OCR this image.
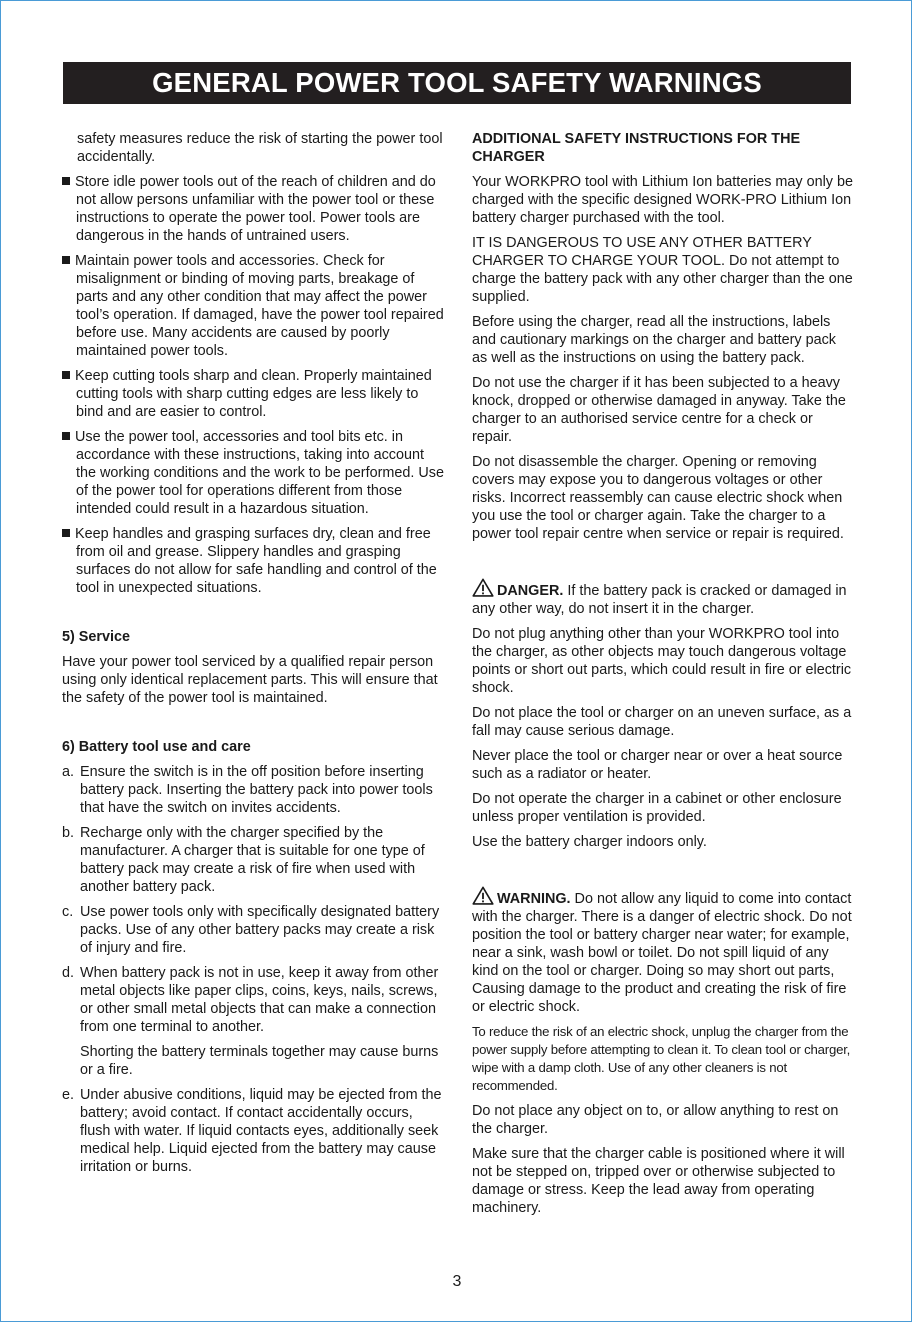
GENERAL POWER TOOL SAFETY WARNINGS

safety measures reduce the risk of starting the power tool accidentally.

Store idle power tools out of the reach of children and do not allow persons unfamiliar with the power tool or these instructions to operate the power tool. Power tools are dangerous in the hands of untrained users.

Maintain power tools and accessories. Check for misalignment or binding of moving parts, breakage of parts and any other condition that may affect the power tool’s operation. If damaged, have the power tool repaired before use. Many accidents are caused by poorly maintained power tools.

Keep cutting tools sharp and clean. Properly maintained cutting tools with sharp cutting edges are less likely to bind and are easier to control.

Use the power tool, accessories and tool bits etc. in accordance with these instructions, taking into account the working conditions and the work to be performed. Use of the power tool for operations different from those intended could result in a hazardous situation.

Keep handles and grasping surfaces dry, clean and free from oil and grease. Slippery handles and grasping surfaces do not allow for safe handling and control of the tool in unexpected situations.

5) Service

Have your power tool serviced by a qualified repair person using only identical replacement parts. This will ensure that the safety of the power tool is maintained.

6) Battery tool use and care

a. Ensure the switch is in the off position before inserting battery pack. Inserting the battery pack into power tools that have the switch on invites accidents.

b. Recharge only with the charger specified by the manufacturer. A charger that is suitable for one type of battery pack may create a risk of fire when used with another battery pack.

c. Use power tools only with specifically designated battery packs. Use of any other battery packs may create a risk of injury and fire.

d. When battery pack is not in use, keep it away from other metal objects like paper clips, coins, keys, nails, screws, or other small metal objects that can make a connection from one terminal to another.

Shorting the battery terminals together may cause burns or a fire.

e. Under abusive conditions, liquid may be ejected from the battery; avoid contact. If contact accidentally occurs, flush with water. If liquid contacts eyes, additionally seek medical help. Liquid ejected from the battery may cause irritation or burns.

ADDITIONAL SAFETY INSTRUCTIONS FOR THE CHARGER

Your WORKPRO tool with Lithium Ion batteries may only be charged with the specific designed WORK-PRO Lithium Ion battery charger purchased with the tool.

IT IS DANGEROUS TO USE ANY OTHER BATTERY CHARGER TO CHARGE YOUR TOOL. Do not attempt to charge the battery pack with any other charger than the one supplied.

Before using the charger, read all the instructions, labels and cautionary markings on the charger and battery pack as well as the instructions on using the battery pack.

Do not use the charger if it has been subjected to a heavy knock, dropped or otherwise damaged in anyway. Take the charger to an authorised service centre for a check or repair.

Do not disassemble the charger. Opening or removing covers may expose you to dangerous voltages or other risks. Incorrect reassembly can cause electric shock when you use the tool or charger again. Take the charger to a power tool repair centre when service or repair is required.

DANGER. If the battery pack is cracked or damaged in any other way, do not insert it in the charger.

Do not plug anything other than your WORKPRO tool into the charger, as other objects may touch dangerous voltage points or short out parts, which could result in fire or electric shock.

Do not place the tool or charger on an uneven surface, as a fall may cause serious damage.

Never place the tool or charger near or over a heat source such as a radiator or heater.

Do not operate the charger in a cabinet or other enclosure unless proper ventilation is provided.

Use the battery charger indoors only.

WARNING. Do not allow any liquid to come into contact with the charger. There is a danger of electric shock. Do not position the tool or battery charger near water; for example, near a sink, wash bowl or toilet. Do not spill liquid of any kind on the tool or charger. Doing so may short out parts, Causing damage to the product and creating the risk of fire or electric shock.

To reduce the risk of an electric shock, unplug the charger from the power supply before attempting to clean it. To clean tool or charger, wipe with a damp cloth. Use of any other cleaners is not recommended.

Do not place any object on to, or allow anything to rest on the charger.

Make sure that the charger cable is positioned where it will not be stepped on, tripped over or otherwise subjected to damage or stress. Keep the lead away from operating machinery.

3
